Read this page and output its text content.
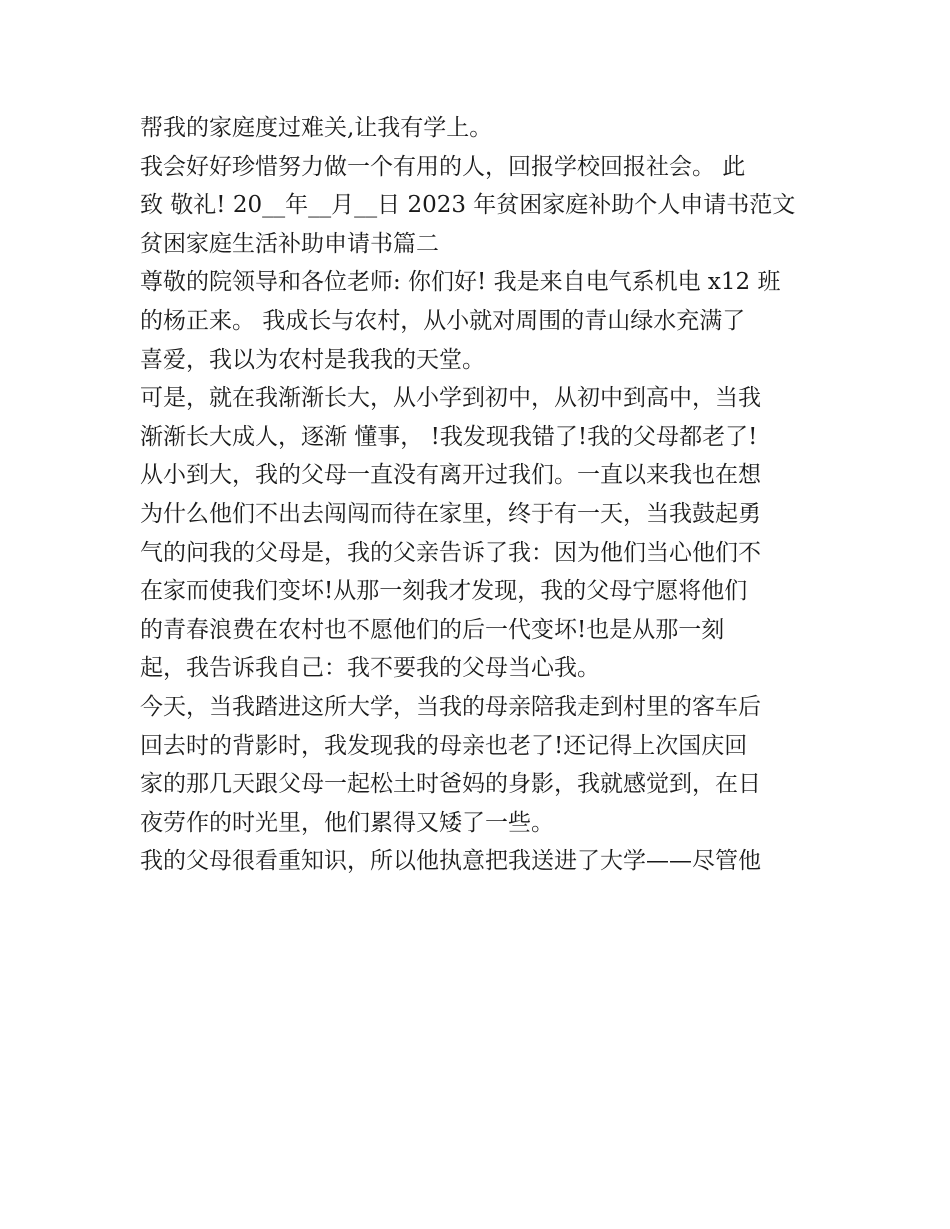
帮我的家庭度过难关,让我有学上。
我会好好珍惜努力做一个有用的人，回报学校回报社会。 此
致 敬礼! 20__年__月__日 2023 年贫困家庭补助个人申请书范文
贫困家庭生活补助申请书篇二
尊敬的院领导和各位老师: 你们好! 我是来自电气系机电 x12 班
的杨正来。 我成长与农村，从小就对周围的青山绿水充满了
喜爱，我以为农村是我我的天堂。
可是，就在我渐渐长大，从小学到初中，从初中到高中，当我
渐渐长大成人，逐渐 懂事， !我发现我错了!我的父母都老了!
从小到大，我的父母一直没有离开过我们。一直以来我也在想
为什么他们不出去闯闯而待在家里，终于有一天，当我鼓起勇
气的问我的父母是，我的父亲告诉了我：因为他们当心他们不
在家而使我们变坏!从那一刻我才发现，我的父母宁愿将他们
的青春浪费在农村也不愿他们的后一代变坏!也是从那一刻
起，我告诉我自己：我不要我的父母当心我。
今天，当我踏进这所大学，当我的母亲陪我走到村里的客车后
回去时的背影时，我发现我的母亲也老了!还记得上次国庆回
家的那几天跟父母一起松土时爸妈的身影，我就感觉到，在日
夜劳作的时光里，他们累得又矮了一些。
我的父母很看重知识，所以他执意把我送进了大学——尽管他
